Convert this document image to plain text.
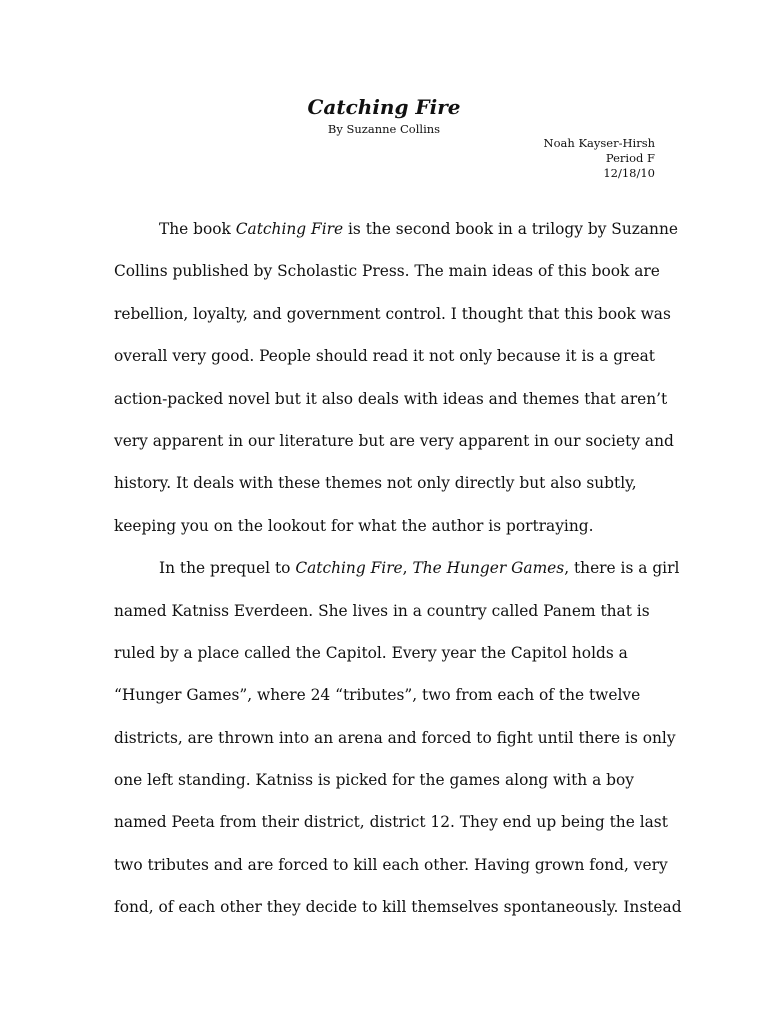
Catching Fire
By Suzanne Collins
Noah Kayser-Hirsh
Period F
12/18/10
The book Catching Fire is the second book in a trilogy by Suzanne
Collins published by Scholastic Press. The main ideas of this book are
rebellion, loyalty, and government control. I thought that this book was
overall very good. People should read it not only because it is a great
action-packed novel but it also deals with ideas and themes that aren’t
very apparent in our literature but are very apparent in our society and
history. It deals with these themes not only directly but also subtly,
keeping you on the lookout for what the author is portraying.
In the prequel to Catching Fire, The Hunger Games, there is a girl
named Katniss Everdeen. She lives in a country called Panem that is
ruled by a place called the Capitol. Every year the Capitol holds a
“Hunger Games”, where 24 “tributes”, two from each of the twelve
districts, are thrown into an arena and forced to fight until there is only
one left standing. Katniss is picked for the games along with a boy
named Peeta from their district, district 12. They end up being the last
two tributes and are forced to kill each other. Having grown fond, very
fond, of each other they decide to kill themselves spontaneously. Instead
